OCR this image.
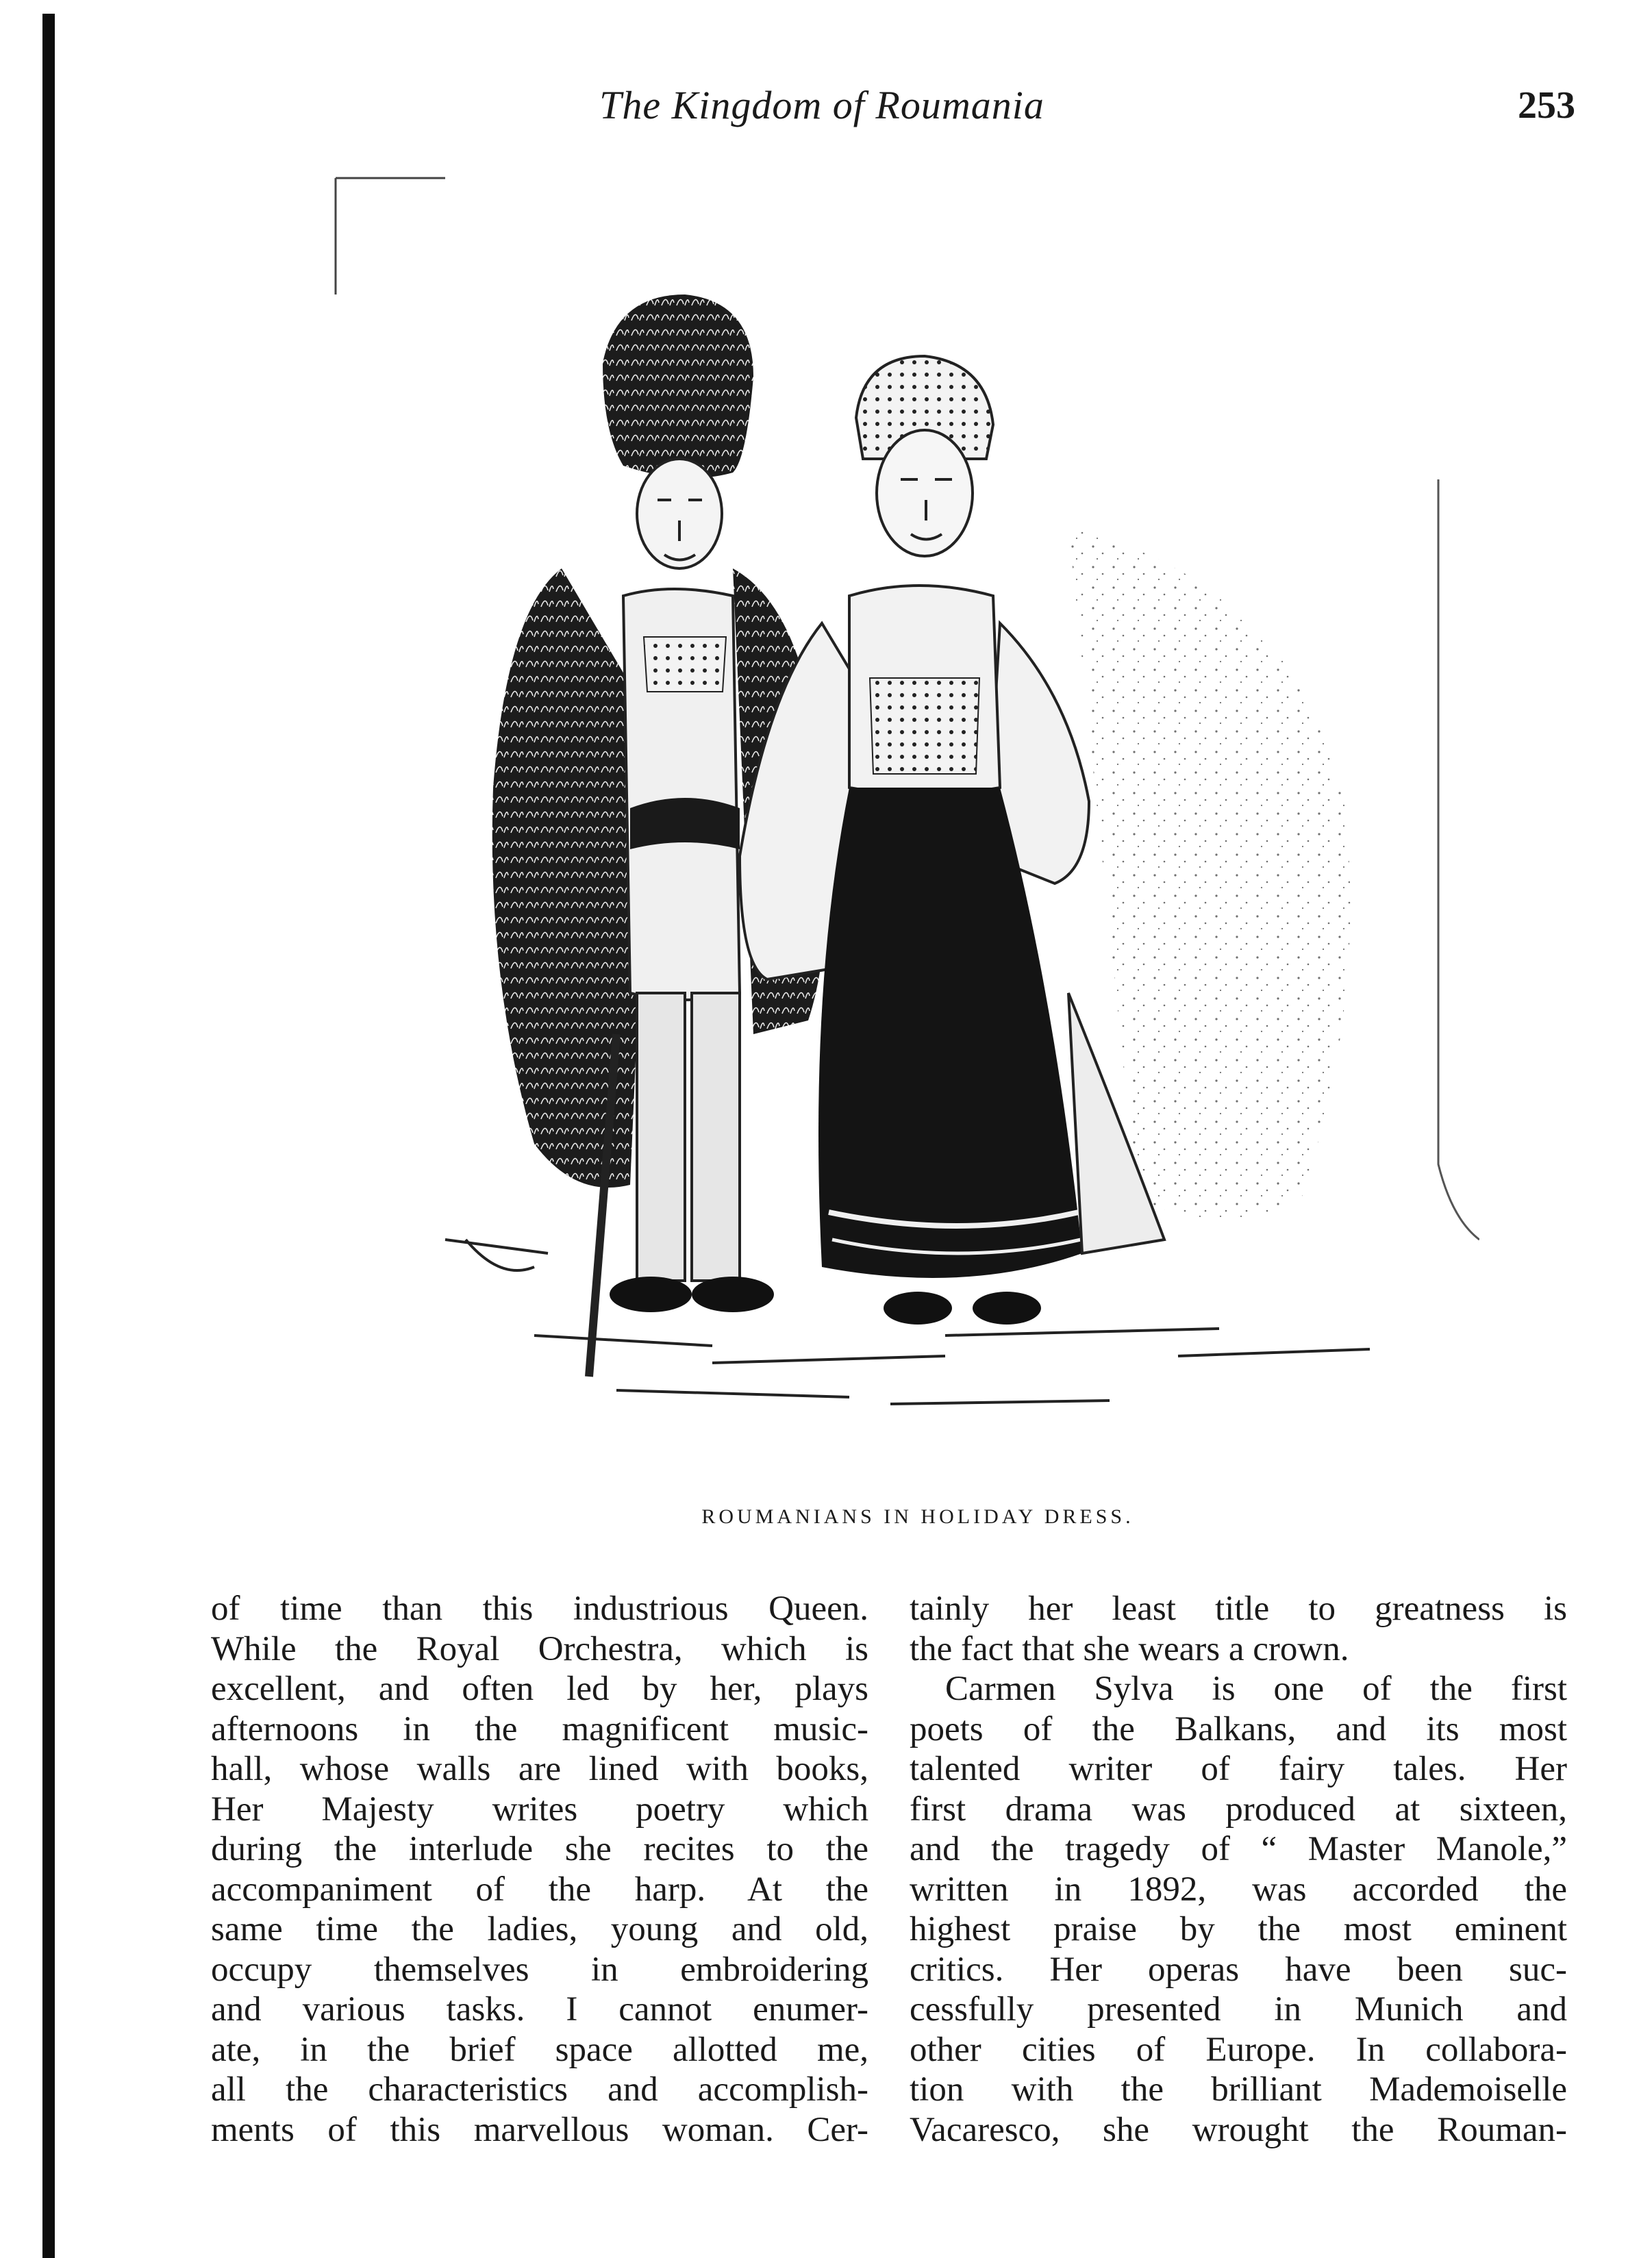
The Kingdom of Roumania	253
ROUMANIANS IN HOLIDAY DRESS.
of time than this industrious Queen.
While the Royal Orchestra, which is
excellent, and often led by her, plays
afternoons in the magnificent music-
hall, whose walls are lined with books,
Her Majesty writes poetry which
during the interlude she recites to the
accompaniment of the harp. At the
same time the ladies, young and old,
occupy themselves in embroidering
and various tasks. I cannot enumer-
ate, in the brief space allotted me,
all the characteristics and accomplish-
ments of this marvellous woman. Cer-
tainly her least title to greatness is
the fact that she wears a crown.
Carmen Sylva is one of the first
poets of the Balkans, and its most
talented writer of fairy tales. Her
first drama was produced at sixteen,
and the tragedy of “ Master Manole,”
written in 1892, was accorded the
highest praise by the most eminent
critics. Her operas have been suc-
cessfully presented in Munich and
other cities of Europe. In collabora-
tion with the brilliant Mademoiselle
Vacaresco, she wrought the Rouman-
